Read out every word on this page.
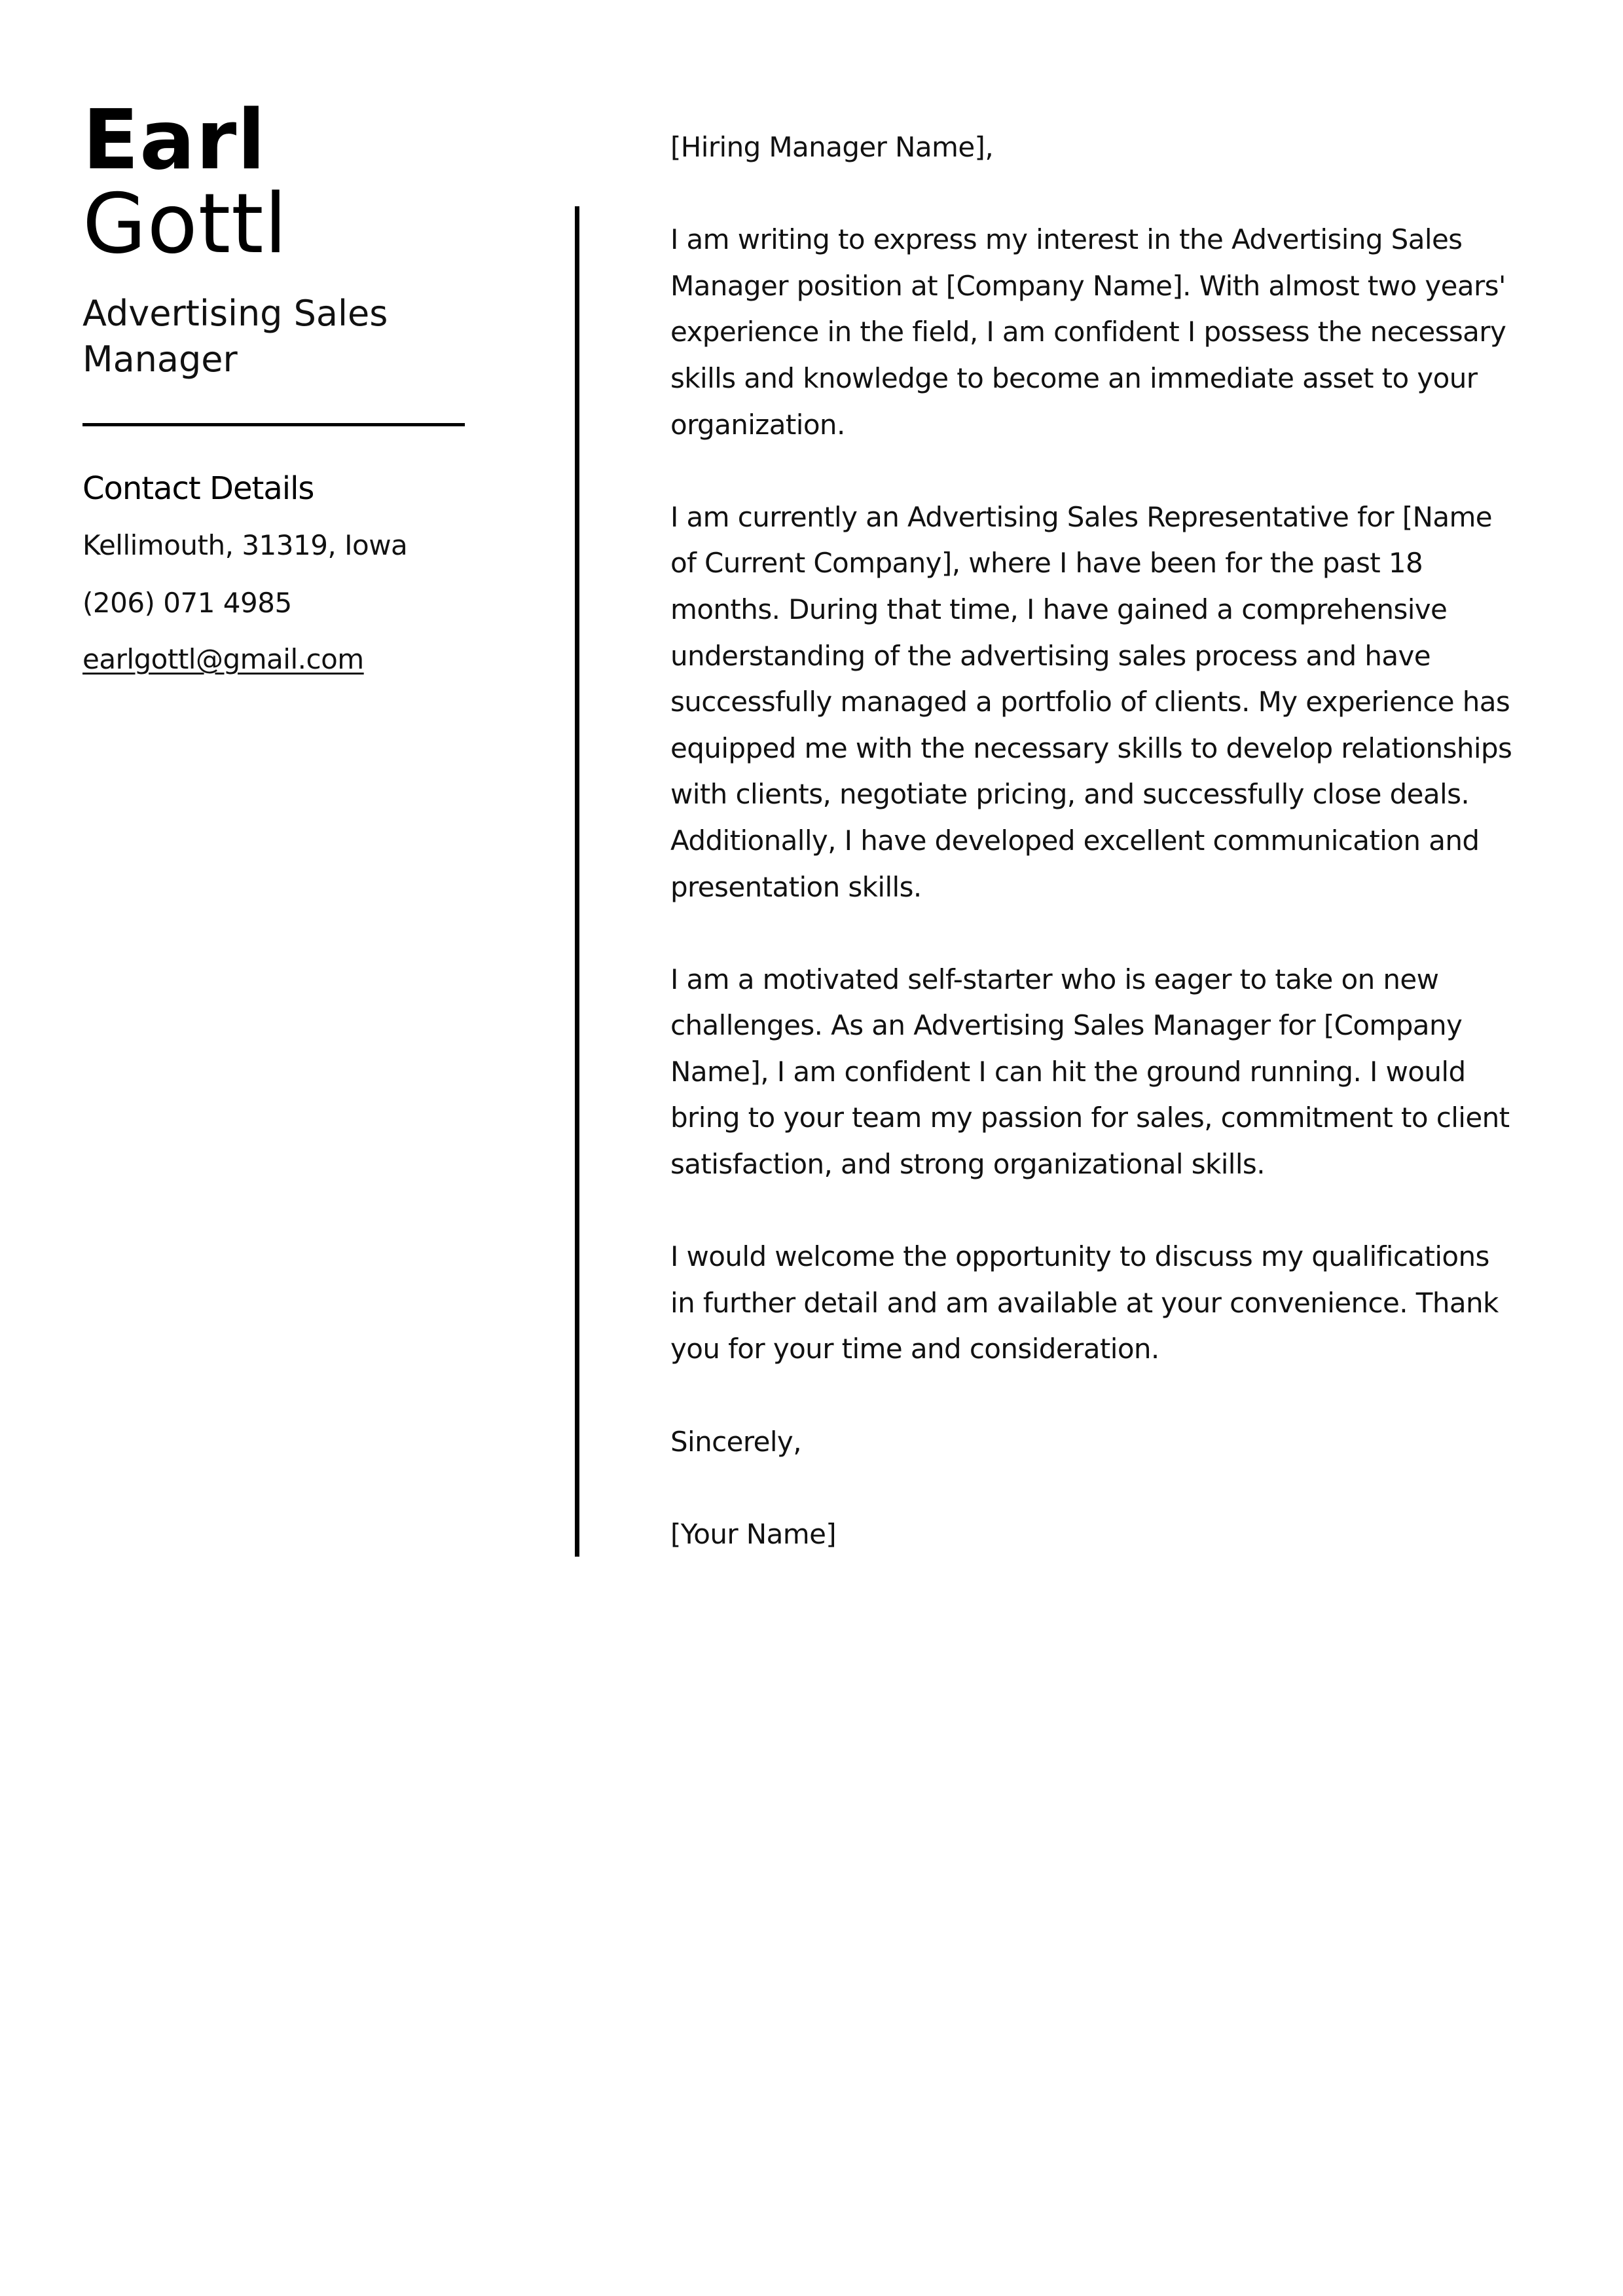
Earl
Gottl
Advertising Sales Manager
Contact Details
Kellimouth, 31319, Iowa
(206) 071 4985
earlgottl@gmail.com

[Hiring Manager Name],

I am writing to express my interest in the Advertising Sales Manager position at [Company Name]. With almost two years' experience in the field, I am confident I possess the necessary skills and knowledge to become an immediate asset to your organization.

I am currently an Advertising Sales Representative for [Name of Current Company], where I have been for the past 18 months. During that time, I have gained a comprehensive understanding of the advertising sales process and have successfully managed a portfolio of clients. My experience has equipped me with the necessary skills to develop relationships with clients, negotiate pricing, and successfully close deals. Additionally, I have developed excellent communication and presentation skills.

I am a motivated self-starter who is eager to take on new challenges. As an Advertising Sales Manager for [Company Name], I am confident I can hit the ground running. I would bring to your team my passion for sales, commitment to client satisfaction, and strong organizational skills.

I would welcome the opportunity to discuss my qualifications in further detail and am available at your convenience. Thank you for your time and consideration.

Sincerely,

[Your Name]
